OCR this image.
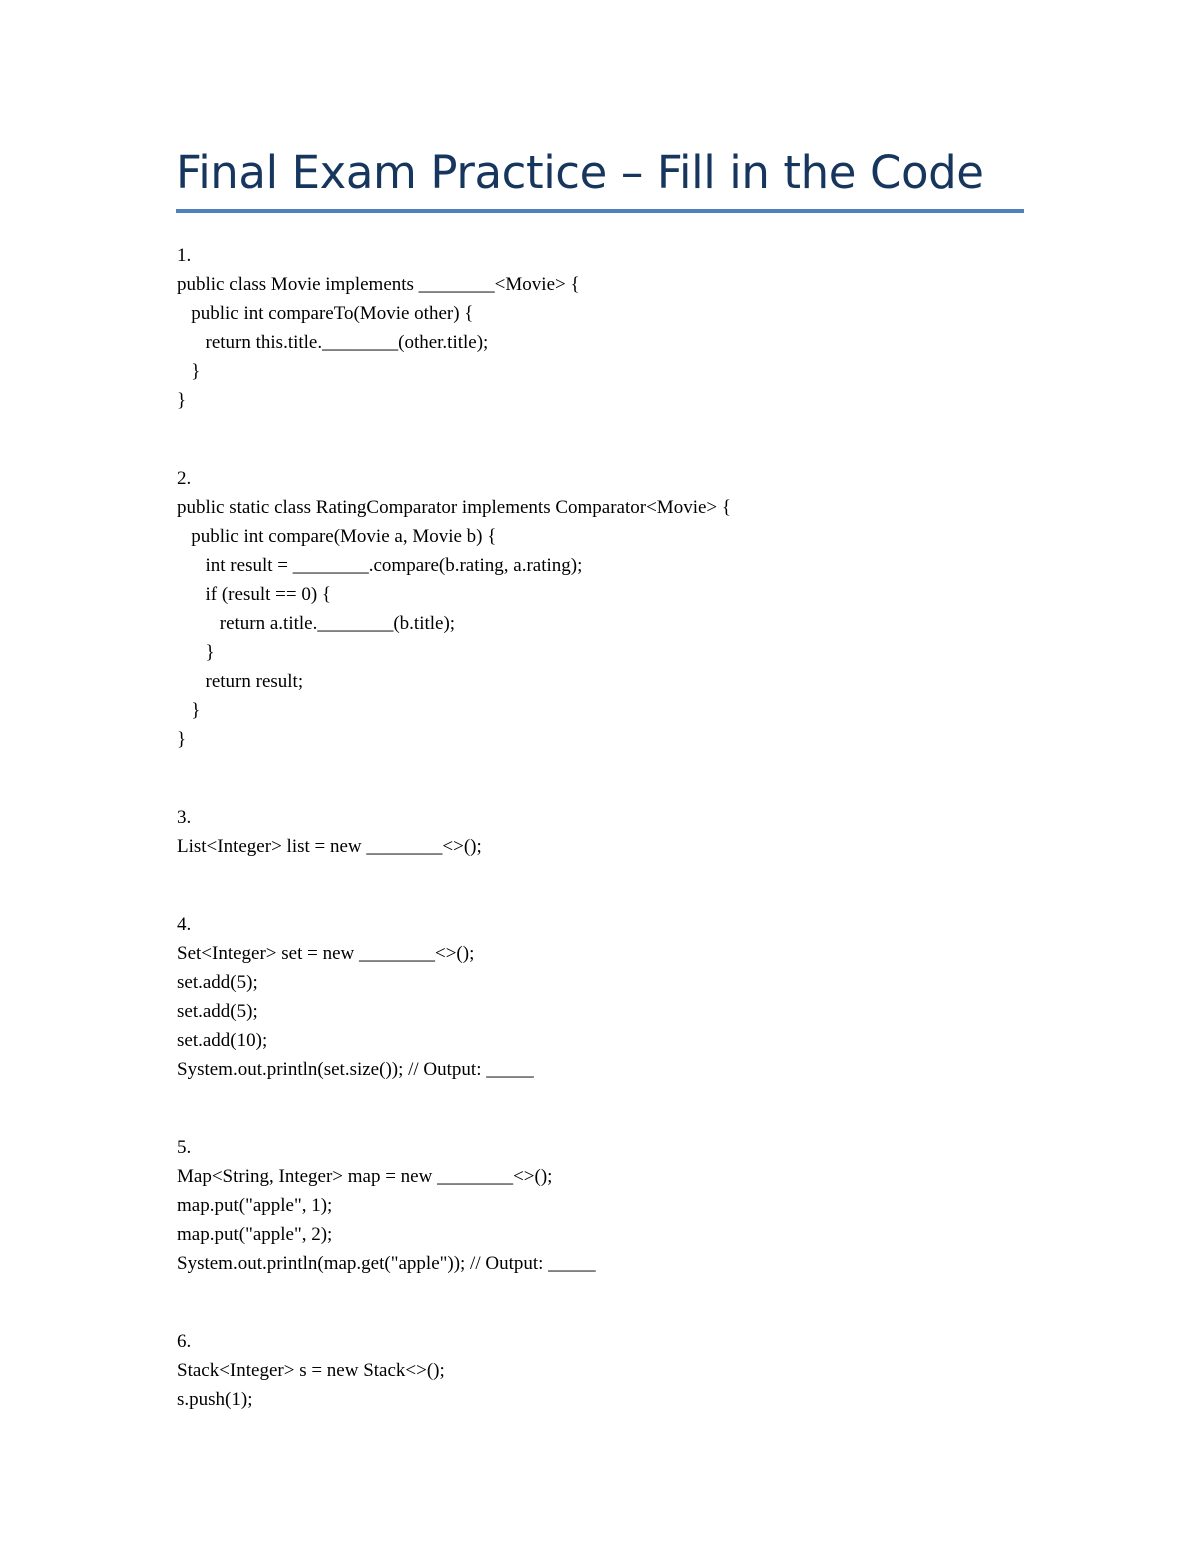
Final Exam Practice – Fill in the Code
1.
public class Movie implements ________<Movie> {
public int compareTo(Movie other) {
return this.title.________(other.title);
}
}
2.
public static class RatingComparator implements Comparator<Movie> {
public int compare(Movie a, Movie b) {
int result = ________.compare(b.rating, a.rating);
if (result == 0) {
return a.title.________(b.title);
}
return result;
}
}
3.
List<Integer> list = new ________<>();
4.
Set<Integer> set = new ________<>();
set.add(5);
set.add(5);
set.add(10);
System.out.println(set.size()); // Output: _____
5.
Map<String, Integer> map = new ________<>();
map.put("apple", 1);
map.put("apple", 2);
System.out.println(map.get("apple")); // Output: _____
6.
Stack<Integer> s = new Stack<>();
s.push(1);
